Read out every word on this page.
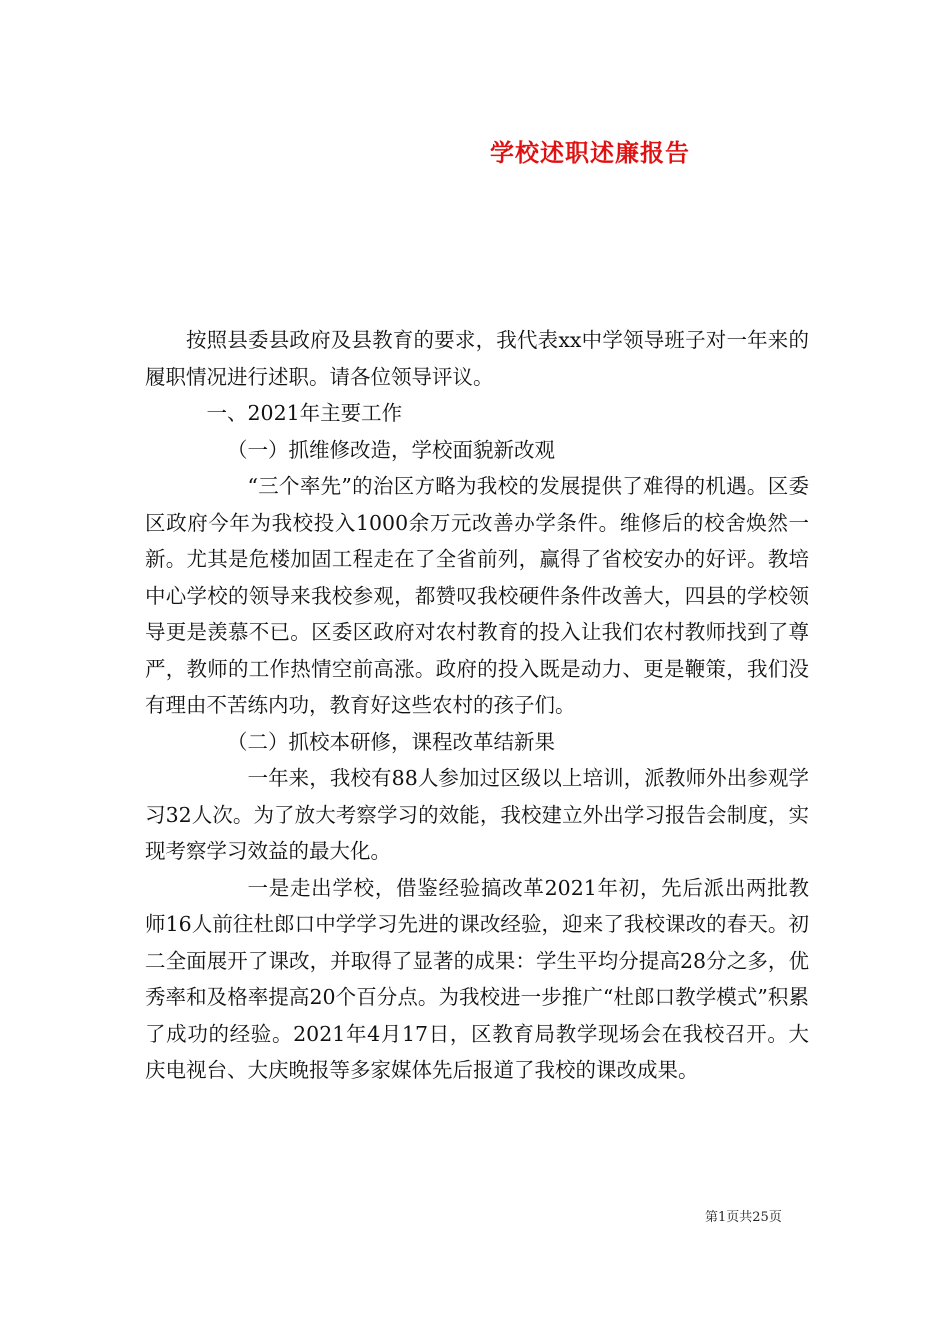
学校述职述廉报告

按照县委县政府及县教育的要求，我代表xx中学领导班子对一年来的履职情况进行述职。请各位领导评议。

一、2021年主要工作

（一）抓维修改造，学校面貌新改观

“三个率先”的治区方略为我校的发展提供了难得的机遇。区委区政府今年为我校投入1000余万元改善办学条件。维修后的校舍焕然一新。尤其是危楼加固工程走在了全省前列，赢得了省校安办的好评。教培中心学校的领导来我校参观，都赞叹我校硬件条件改善大，四县的学校领导更是羡慕不已。区委区政府对农村教育的投入让我们农村教师找到了尊严，教师的工作热情空前高涨。政府的投入既是动力、更是鞭策，我们没有理由不苦练内功，教育好这些农村的孩子们。

（二）抓校本研修，课程改革结新果

一年来，我校有88人参加过区级以上培训，派教师外出参观学习32人次。为了放大考察学习的效能，我校建立外出学习报告会制度，实现考察学习效益的最大化。

一是走出学校，借鉴经验搞改革2021年初，先后派出两批教师16人前往杜郎口中学学习先进的课改经验，迎来了我校课改的春天。初二全面展开了课改，并取得了显著的成果：学生平均分提高28分之多，优秀率和及格率提高20个百分点。为我校进一步推广“杜郎口教学模式”积累了成功的经验。2021年4月17日，区教育局教学现场会在我校召开。大庆电视台、大庆晚报等多家媒体先后报道了我校的课改成果。

第1页共25页
